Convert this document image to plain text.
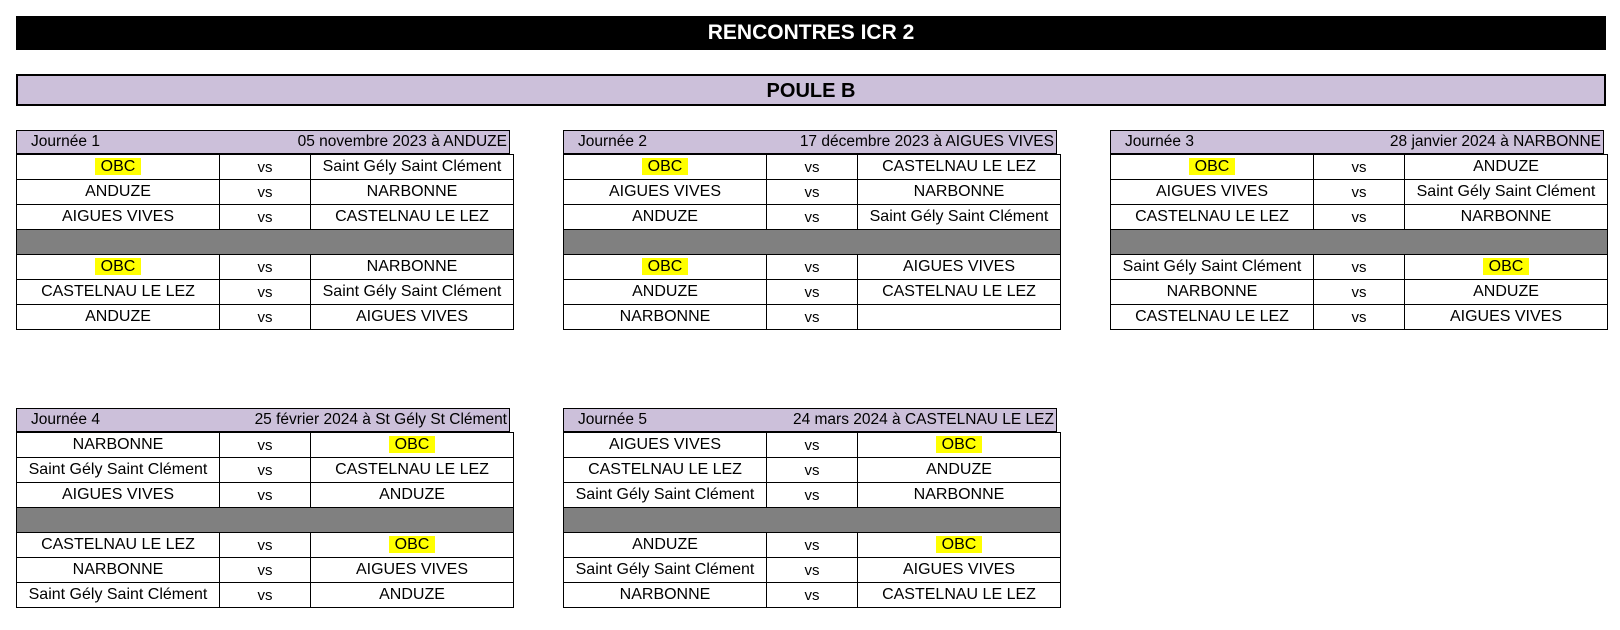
RENCONTRES ICR 2
POULE B
Journée 1	05 novembre 2023 à ANDUZE
OBC	vs	Saint Gély Saint Clément
ANDUZE	vs	NARBONNE
AIGUES VIVES	vs	CASTELNAU LE LEZ

OBC	vs	NARBONNE
CASTELNAU LE LEZ	vs	Saint Gély Saint Clément
ANDUZE	vs	AIGUES VIVES
Journée 2	17 décembre 2023 à AIGUES VIVES
OBC	vs	CASTELNAU LE LEZ
AIGUES VIVES	vs	NARBONNE
ANDUZE	vs	Saint Gély Saint Clément

OBC	vs	AIGUES VIVES
ANDUZE	vs	CASTELNAU LE LEZ
NARBONNE	vs	
Journée 3	28 janvier 2024 à NARBONNE
OBC	vs	ANDUZE
AIGUES VIVES	vs	Saint Gély Saint Clément
CASTELNAU LE LEZ	vs	NARBONNE

Saint Gély Saint Clément	vs	OBC
NARBONNE	vs	ANDUZE
CASTELNAU LE LEZ	vs	AIGUES VIVES
Journée 4	25 février 2024 à St Gély St Clément
NARBONNE	vs	OBC
Saint Gély Saint Clément	vs	CASTELNAU LE LEZ
AIGUES VIVES	vs	ANDUZE

CASTELNAU LE LEZ	vs	OBC
NARBONNE	vs	AIGUES VIVES
Saint Gély Saint Clément	vs	ANDUZE
Journée 5	24 mars 2024 à CASTELNAU LE LEZ
AIGUES VIVES	vs	OBC
CASTELNAU LE LEZ	vs	ANDUZE
Saint Gély Saint Clément	vs	NARBONNE

ANDUZE	vs	OBC
Saint Gély Saint Clément	vs	AIGUES VIVES
NARBONNE	vs	CASTELNAU LE LEZ
